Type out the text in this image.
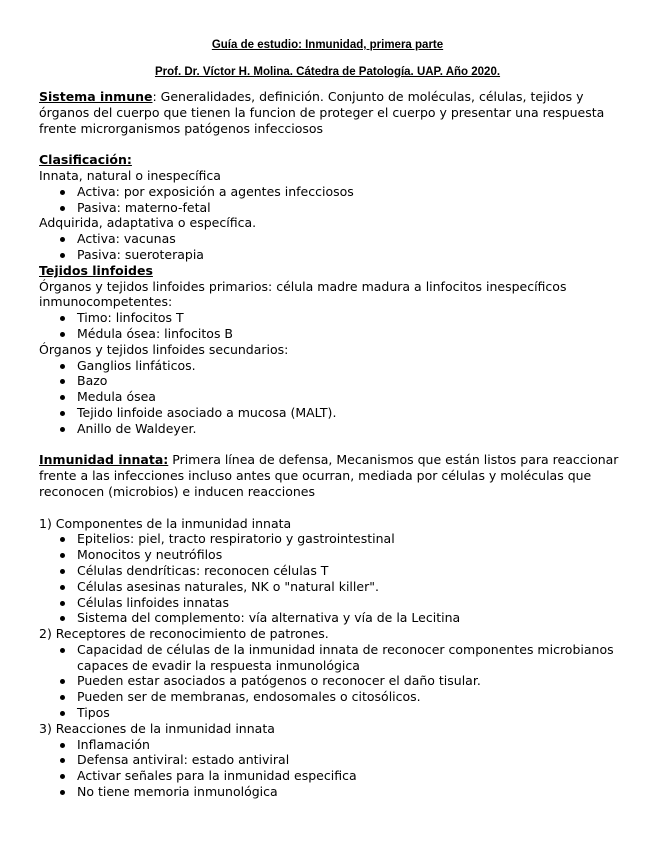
Guía de estudio: Inmunidad, primera parte
Prof. Dr. Víctor H. Molina. Cátedra de Patología. UAP. Año 2020.

Sistema inmune: Generalidades, definición. Conjunto de moléculas, células, tejidos y órganos del cuerpo que tienen la funcion de proteger el cuerpo y presentar una respuesta frente microrganismos patógenos infecciosos

Clasificación:

Innata, natural o inespecífica

Activa: por exposición a agentes infecciosos
Pasiva: materno-fetal

Adquirida, adaptativa o específica.

Activa: vacunas
Pasiva: sueroterapia

Tejidos linfoides

Órganos y tejidos linfoides primarios: célula madre madura a linfocitos inespecíficos inmunocompetentes:

Timo: linfocitos T
Médula ósea: linfocitos B

Órganos y tejidos linfoides secundarios:

Ganglios linfáticos.
Bazo
Medula ósea
Tejido linfoide asociado a mucosa (MALT).
Anillo de Waldeyer.

Inmunidad innata: Primera línea de defensa, Mecanismos que están listos para reaccionar frente a las infecciones incluso antes que ocurran, mediada por células y moléculas que reconocen (microbios) e inducen reacciones

1) Componentes de la inmunidad innata

Epitelios: piel, tracto respiratorio y gastrointestinal
Monocitos y neutrófilos
Células dendríticas: reconocen células T
Células asesinas naturales, NK o "natural killer".
Células linfoides innatas
Sistema del complemento: vía alternativa y vía de la Lecitina

2) Receptores de reconocimiento de patrones.

Capacidad de células de la inmunidad innata de reconocer componentes microbianos capaces de evadir la respuesta inmunológica
Pueden estar asociados a patógenos o reconocer el daño tisular.
Pueden ser de membranas, endosomales o citosólicos.
Tipos

3) Reacciones de la inmunidad innata

Inflamación
Defensa antiviral: estado antiviral
Activar señales para la inmunidad especifica
No tiene memoria inmunológica
